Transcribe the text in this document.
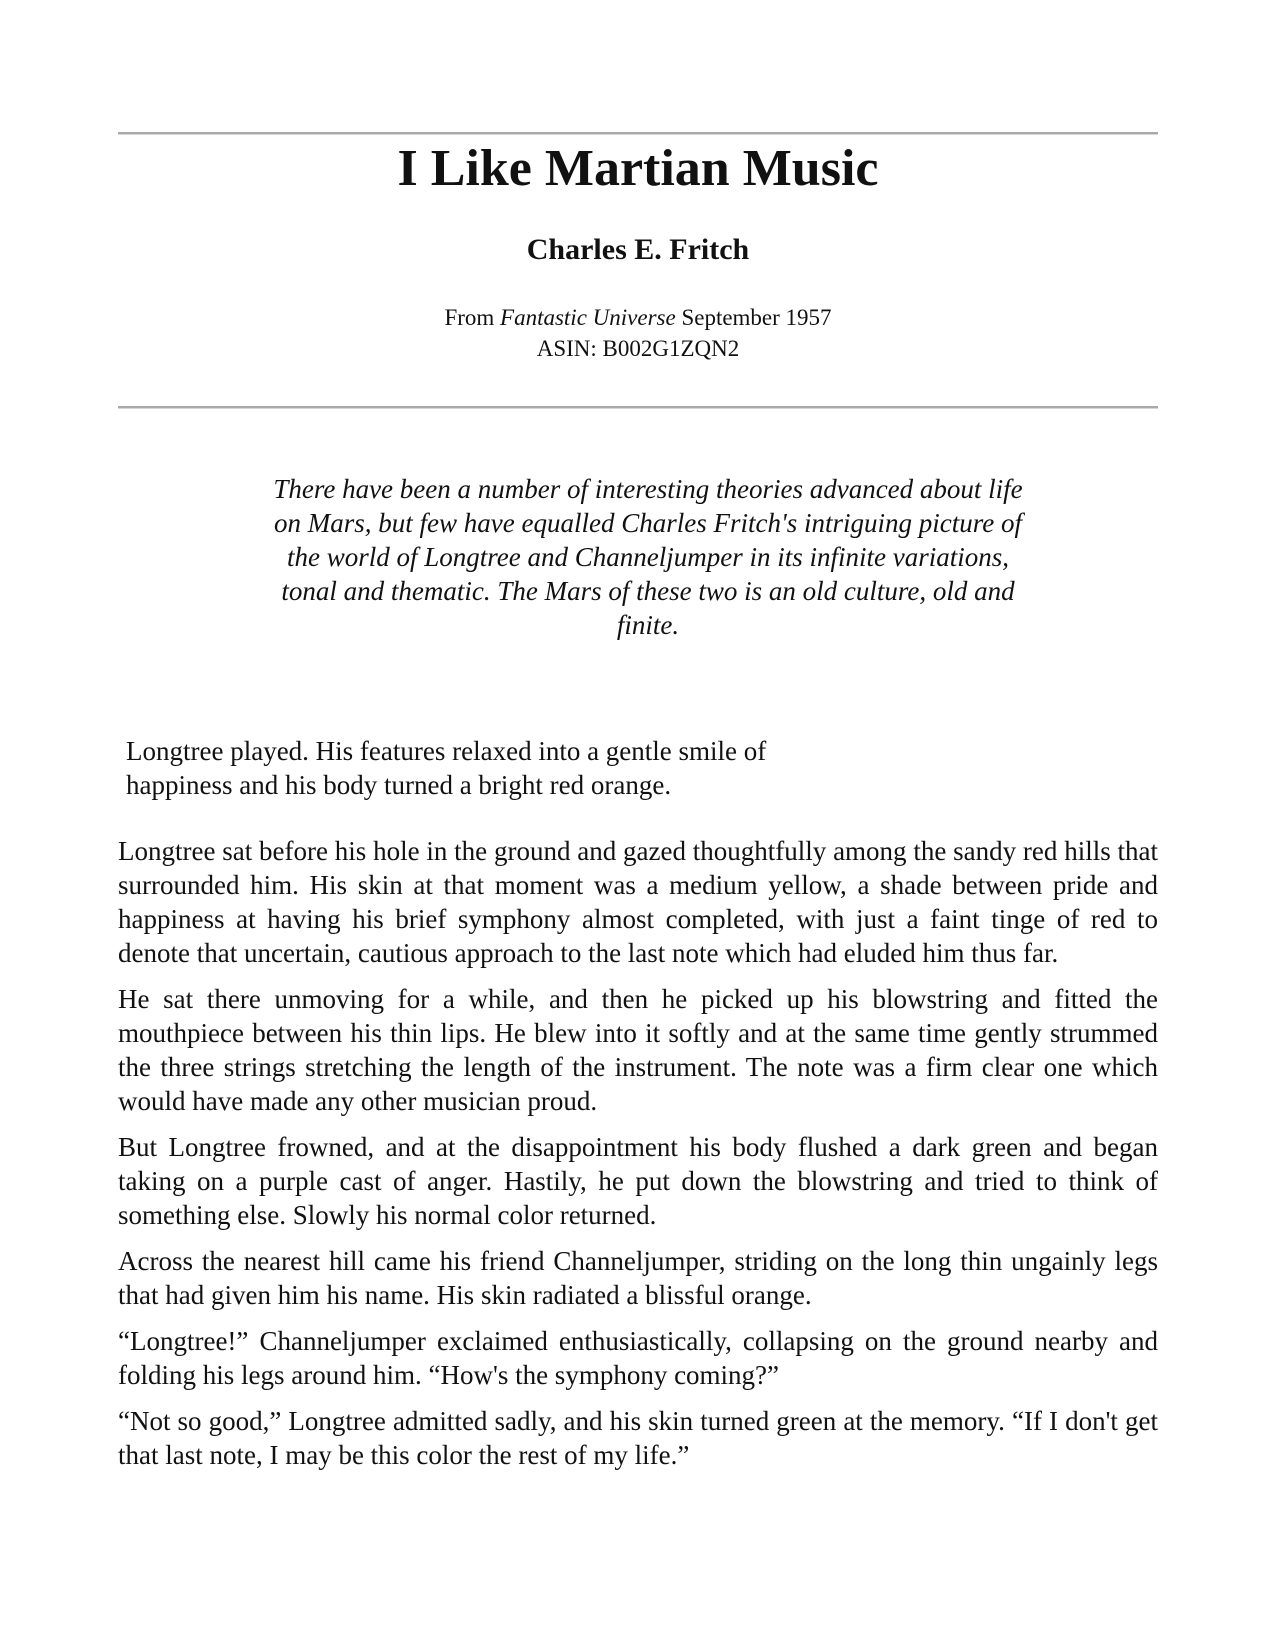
I Like Martian Music
Charles E. Fritch
From Fantastic Universe September 1957
ASIN: B002G1ZQN2

There have been a number of interesting theories advanced about life on Mars, but few have equalled Charles Fritch's intriguing picture of the world of Longtree and Channeljumper in its infinite variations, tonal and thematic. The Mars of these two is an old culture, old and finite.

Longtree played. His features relaxed into a gentle smile of happiness and his body turned a bright red orange.

Longtree sat before his hole in the ground and gazed thoughtfully among the sandy red hills that surrounded him. His skin at that moment was a medium yellow, a shade between pride and happiness at having his brief symphony almost completed, with just a faint tinge of red to denote that uncertain, cautious approach to the last note which had eluded him thus far.

He sat there unmoving for a while, and then he picked up his blowstring and fitted the mouthpiece between his thin lips. He blew into it softly and at the same time gently strummed the three strings stretching the length of the instrument. The note was a firm clear one which would have made any other musician proud.

But Longtree frowned, and at the disappointment his body flushed a dark green and began taking on a purple cast of anger. Hastily, he put down the blowstring and tried to think of something else. Slowly his normal color returned.

Across the nearest hill came his friend Channeljumper, striding on the long thin ungainly legs that had given him his name. His skin radiated a blissful orange.

“Longtree!” Channeljumper exclaimed enthusiastically, collapsing on the ground nearby and folding his legs around him. “How's the symphony coming?”

“Not so good,” Longtree admitted sadly, and his skin turned green at the memory. “If I don't get that last note, I may be this color the rest of my life.”
